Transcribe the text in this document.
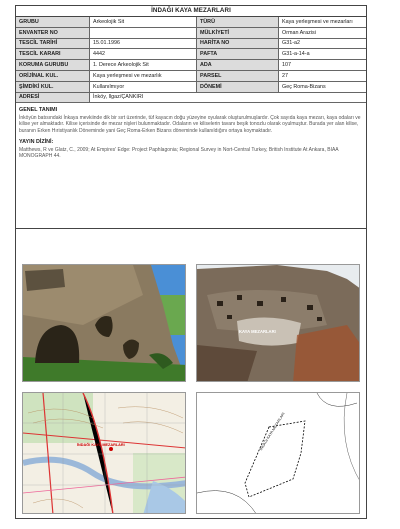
İNDAĞI KAYA MEZARLARI
GRUBU	Arkeolojik Sit	TÜRÜ	Kaya yerleşmesi ve mezarları
ENVANTER NO		MÜLKİYETİ	Orman Arazisi
TESCİL TARİHİ	15.01.1996	HARİTA NO	G31-a2
TESCİL KARARI	4442	PAFTA	G31-a-14-a
KORUMA GURUBU	1. Derece Arkeolojik Sit	ADA	107
ORİJİNAL KUL.	Kaya yerleşmesi ve mezarlık	PARSEL	27
ŞİMDİKİ KUL.	Kullanılmıyor	DÖNEMİ	Geç Roma-Bizans
ADRESİ	İnköy, Ilgaz/ÇANKIRI		
GENEL TANIMI

İnköyün batısındaki İnkaya mevkiinde dik bir sırt üzerinde, tüf kayacın doğu yüzeyine oyularak oluşturulmuşlardır. Çok sayıda kaya mezarı, kaya odaları ve kilise yer almaktadır. Kilise içerisinde de mezar nişleri bulunmaktadır. Odaların ve kiliselerin tavanı beşik tonozlu olarak oyulmuştur. Burada yer alan kilise, buranın Erken Hıristiyanlık Döneminde yani Geç Roma-Erken Bizans döneminde kullanıldığını ortaya koymaktadır.

YAYIN DİZİNİ:

Matthews, R ve Glatz, C., 2009; At Empires' Edge: Project Paphlagonia; Regional Survey in Nort-Central Turkey, British Institute At Ankara, BIAA MONOGRAPH 44.

KAYA MEZARLARI
İNDAĞI KAYA MEZARLARI	İNDAĞI KAYA MEZARLARI
